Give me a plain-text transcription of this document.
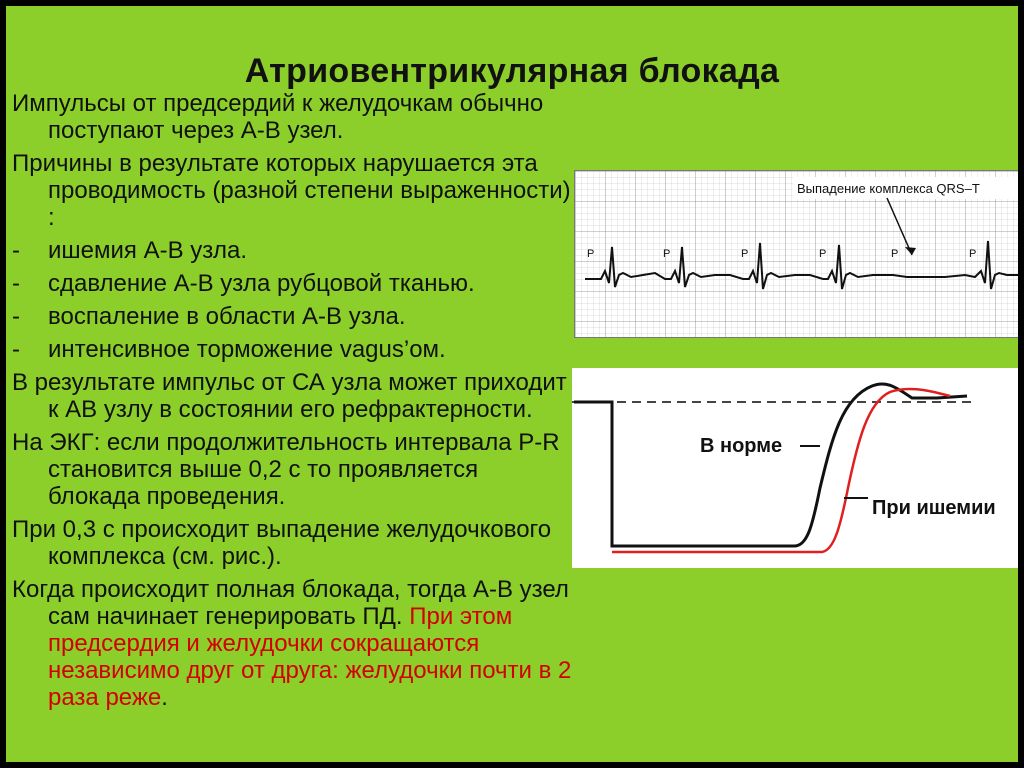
Атриовентрикулярная блокада

Импульсы от предсердий к желудочкам обычно поступают через А-В узел.

Причины в результате которых нарушается эта проводимость (разной степени выраженности) :

- ишемия А-В узла.

- сдавление А-В узла рубцовой тканью.

- воспаление в области А-В узла.

- интенсивное торможение vagus’ом.

В результате импульс от СА узла может приходит к АВ узлу в состоянии его рефрактерности.

На ЭКГ: если продолжительность интервала P-R становится выше 0,2 с то проявляется блокада проведения.

При 0,3 с происходит выпадение желудочкового комплекса (см. рис.).

Когда происходит полная блокада, тогда А-В узел сам начинает генерировать ПД. При этом предсердия и желудочки сокращаются независимо друг от друга: желудочки почти в 2 раза реже.

Выпадение комплекса QRS–T
P	P	P	P	P	P
В норме
При ишемии
